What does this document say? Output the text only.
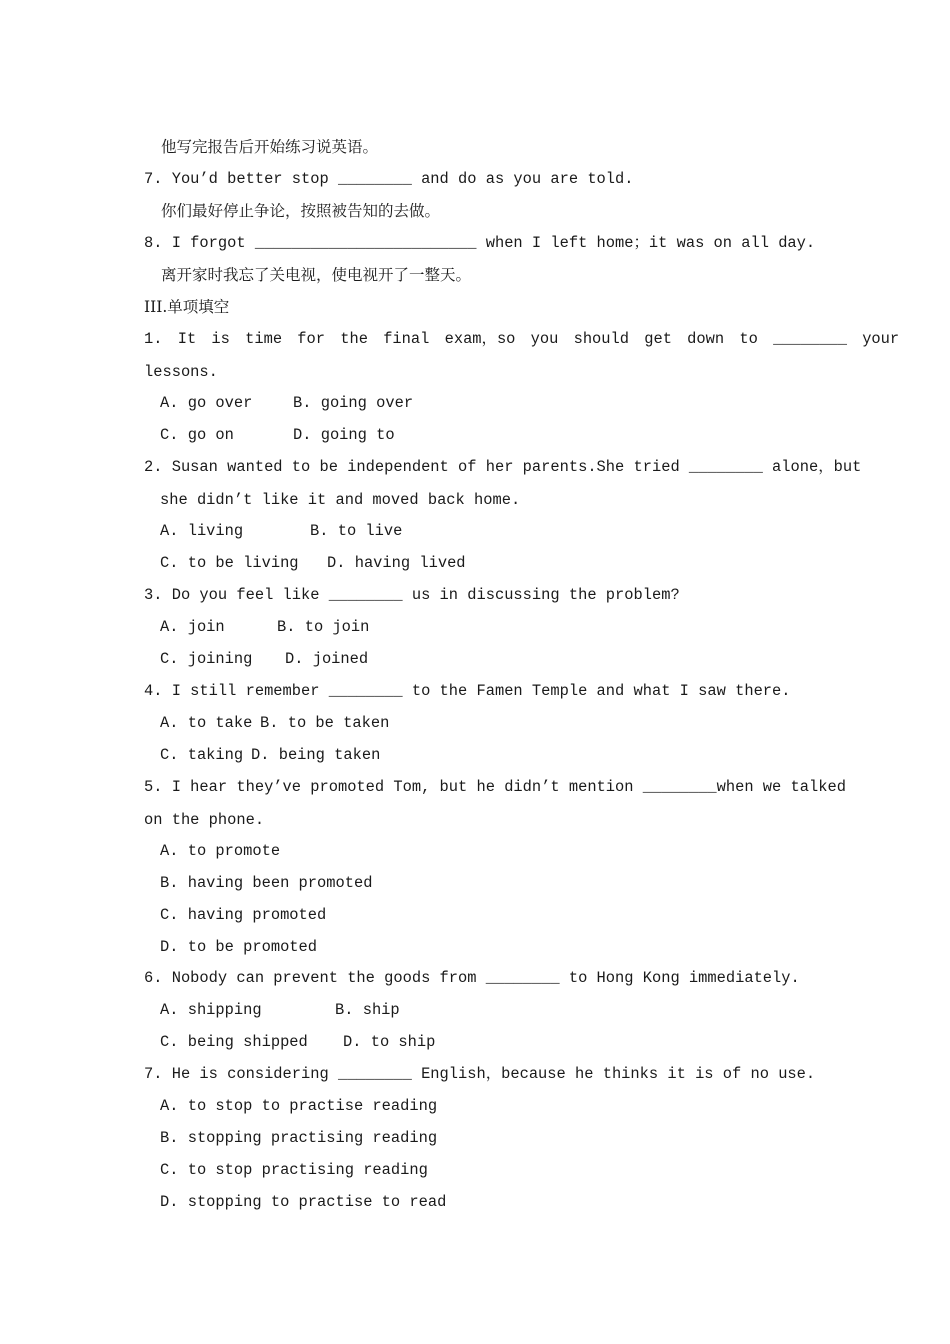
他写完报告后开始练习说英语。
7. You’d better stop ________ and do as you are told.
你们最好停止争论，按照被告知的去做。
8. I forgot ________________________ when I left home；it was on all day.
离开家时我忘了关电视，使电视开了一整天。
III.单项填空
1. It is time for the final exam，so you should get down to ________ your
lessons.
A. go over	B. going over
C. go on	D. going to
2. Susan wanted to be independent of her parents.She tried ________ alone，but
she didn’t like it and moved back home.
A. living	B. to live
C. to be living D. having lived
3. Do you feel like ________ us in discussing the problem?
A. join	B. to join
C. joining D. joined
4. I still remember ________ to the Famen Temple and what I saw there.
A. to take B. to be taken
C. taking D. being taken
5. I hear they’ve promoted Tom, but he didn’t mention ________when we talked
on the phone.
A. to promote
B. having been promoted
C. having promoted
D. to be promoted
6. Nobody can prevent the goods from ________ to Hong Kong immediately.
A. shipping	B. ship
C. being shipped D. to ship
7. He is considering ________ English，because he thinks it is of no use.
A. to stop to practise reading
B. stopping practising reading
C. to stop practising reading
D. stopping to practise to read
